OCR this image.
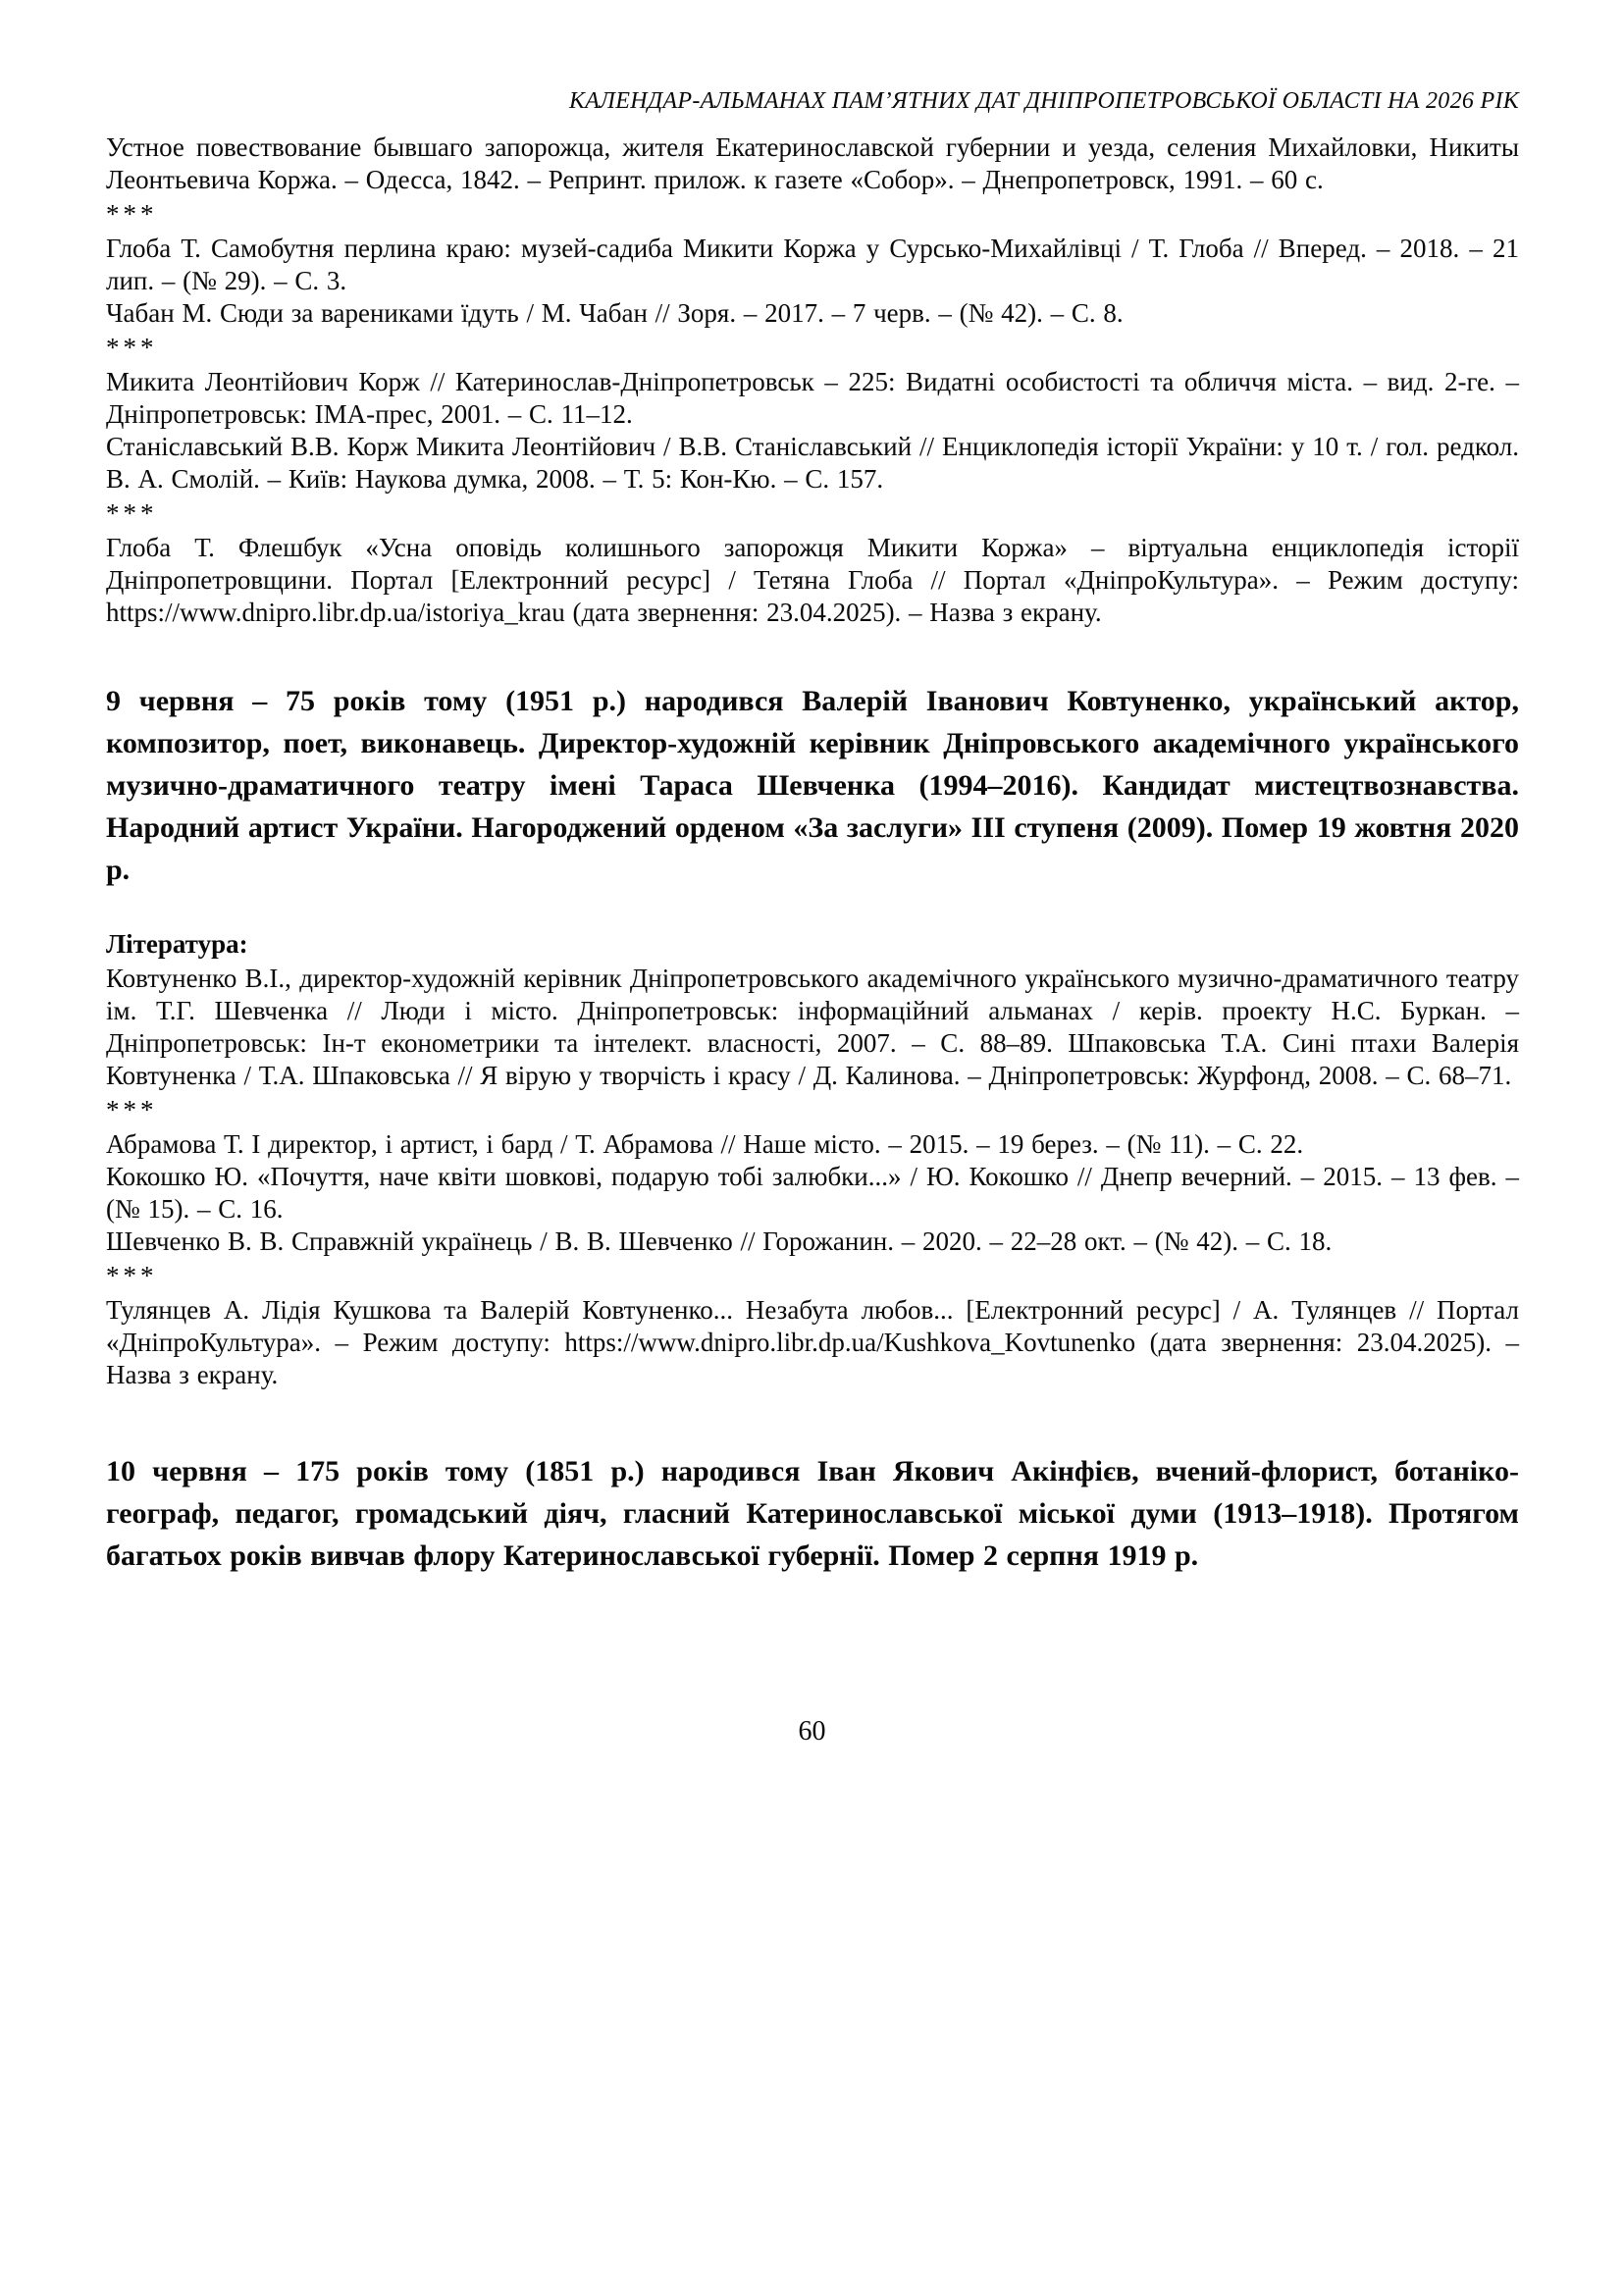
КАЛЕНДАР-АЛЬМАНАХ ПАМ’ЯТНИХ ДАТ ДНІПРОПЕТРОВСЬКОЇ ОБЛАСТІ НА 2026 РІК

Устное повествование бывшаго запорожца, жителя Екатеринославской губернии и уезда, селения Михайловки, Никиты Леонтьевича Коржа. – Одесса, 1842. – Репринт. прилож. к газете «Собор». – Днепропетровск, 1991. – 60 с.

***

Глоба Т. Самобутня перлина краю: музей-садиба Микити Коржа у Сурсько-Михайлівці / Т. Глоба // Вперед. – 2018. – 21 лип. – (№ 29). – С. 3.

Чабан М. Сюди за варениками їдуть / М. Чабан // Зоря. – 2017. – 7 черв. – (№ 42). – С. 8.

***

Микита Леонтійович Корж // Катеринослав-Дніпропетровськ – 225: Видатні особистості та обличчя міста. – вид. 2-ге. – Дніпропетровськ: ІМА-прес, 2001. – С. 11–12.

Станіславський В.В. Корж Микита Леонтійович / В.В. Станіславський // Енциклопедія історії України: у 10 т. / гол. редкол. В. А. Смолій. – Київ: Наукова думка, 2008. – Т. 5: Кон-Кю. – С. 157.

***

Глоба Т. Флешбук «Усна оповідь колишнього запорожця Микити Коржа» – віртуальна енциклопедія історії Дніпропетровщини. Портал [Електронний ресурс] / Тетяна Глоба // Портал «ДніпроКультура». – Режим доступу: https://www.dnipro.libr.dp.ua/istoriya_krau (дата звернення: 23.04.2025). – Назва з екрану.

9 червня – 75 років тому (1951 р.) народився Валерій Іванович Ковтуненко, український актор, композитор, поет, виконавець. Директор-художній керівник Дніпровського академічного українського музично-драматичного театру імені Тараса Шевченка (1994–2016). Кандидат мистецтвознавства. Народний артист України. Нагороджений орденом «За заслуги» ІІІ ступеня (2009). Помер 19 жовтня 2020 р.

Література:

Ковтуненко В.І., директор-художній керівник Дніпропетровського академічного українського музично-драматичного театру ім. Т.Г. Шевченка // Люди і місто. Дніпропетровськ: інформаційний альманах / керів. проекту Н.С. Буркан. – Дніпропетровськ: Ін-т економетрики та інтелект. власності, 2007. – С. 88–89. Шпаковська Т.А. Сині птахи Валерія Ковтуненка / Т.А. Шпаковська // Я вірую у творчість і красу / Д. Калинова. – Дніпропетровськ: Журфонд, 2008. – С. 68–71.

***

Абрамова Т. І директор, і артист, і бард / Т. Абрамова // Наше місто. – 2015. – 19 берез. – (№ 11). – С. 22.

Кокошко Ю. «Почуття, наче квіти шовкові, подарую тобі залюбки...» / Ю. Кокошко // Днепр вечерний. – 2015. – 13 фев. – (№ 15). – С. 16.

Шевченко В. В. Справжній українець / В. В. Шевченко // Горожанин. – 2020. – 22–28 окт. – (№ 42). – С. 18.

***

Тулянцев А. Лідія Кушкова та Валерій Ковтуненко... Незабута любов... [Електронний ресурс] / А. Тулянцев // Портал «ДніпроКультура». – Режим доступу: https://www.dnipro.libr.dp.ua/Kushkova_Kovtunenko (дата звернення: 23.04.2025). – Назва з екрану.

10 червня – 175 років тому (1851 р.) народився Іван Якович Акінфієв, вчений-флорист, ботаніко-географ, педагог, громадський діяч, гласний Катеринославської міської думи (1913–1918). Протягом багатьох років вивчав флору Катеринославської губернії. Помер 2 серпня 1919 р.

60
